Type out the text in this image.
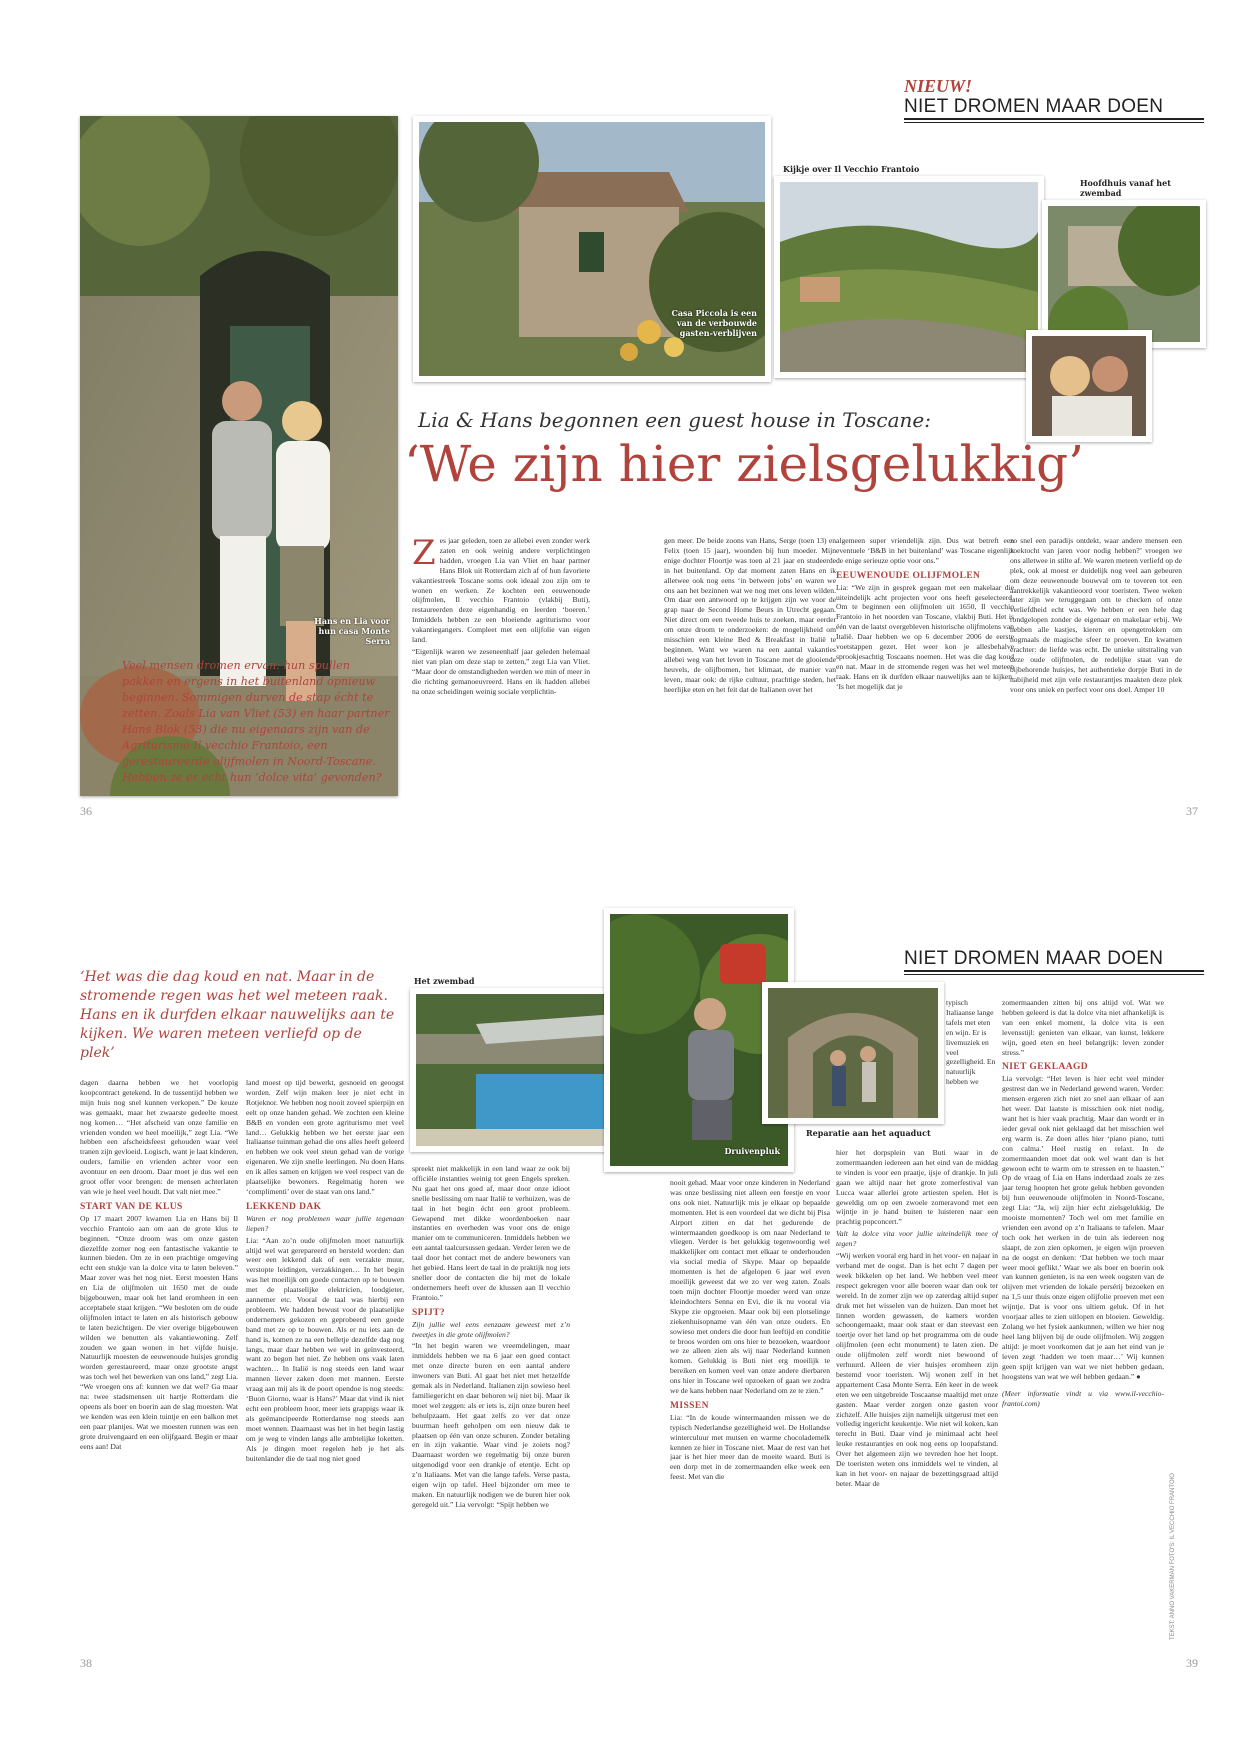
NIEUW!
NIET DROMEN MAAR DOEN
Hans en Lia voor hun casa Monte Serra
Veel mensen dromen ervan: hun spullen pakken en ergens in het buitenland opnieuw beginnen. Sommigen durven de stap écht te zetten. Zoals Lia van Vliet (53) en haar partner Hans Blok (53) die nu eigenaars zijn van de Agriturismo Il vecchio Frantoio, een gerestaureerde olijfmolen in Noord-Toscane. Hebben ze er echt hun ‘dolce vita’ gevonden?
36
Casa Piccola is een van de verbouwde gasten-verblijven
Kijkje over Il Vecchio Frantoio
Hoofdhuis vanaf het zwembad
Lia & Hans begonnen een guest house in Toscane:
‘We zijn hier zielsgelukkig’
Z es jaar geleden, toen ze allebei even zonder werk zaten en ook weinig andere verplichtingen hadden, vroegen Lia van Vliet en haar partner Hans Blok uit Rotterdam zich af of hun favoriete vakantiestreek Toscane soms ook ideaal zou zijn om te wonen en werken. Ze kochten een eeuwenoude olijfmolen, Il vecchio Frantoio (vlakbij Buti), restaureerden deze eigenhandig en leerden ‘boeren.’ Inmiddels hebben ze een bloeiende agriturismo voor vakantiegangers. Compleet met een olijfolie van eigen land.

“Eigenlijk waren we zeseneenhalf jaar geleden helemaal niet van plan om deze stap te zetten,” zegt Lia van Vliet. “Maar door de omstandigheden werden we min of meer in die richting gemanoeuvreerd. Hans en ik hadden allebei na onze scheidingen weinig sociale verplichtin-

gen meer. De beide zoons van Hans, Serge (toen 13) en Felix (toen 15 jaar), woonden bij hun moeder. Mijn enige dochter Floortje was toen al 21 jaar en studeerde in het buitenland. Op dat moment zaten Hans en ik alletwee ook nog eens ‘in between jobs’ en waren we ons aan het bezinnen wat we nog met ons leven wilden. Om daar een antwoord op te krijgen zijn we voor de grap naar de Second Home Beurs in Utrecht gegaan. Niet direct om een tweede huis te zoeken, maar eerder om onze droom te onderzoeken: de mogelijkheid om misschien een kleine Bed & Breakfast in Italië te beginnen. Want we waren na een aantal vakanties allebei weg van het leven in Toscane met de glooiende heuvels, de olijfbomen, het klimaat, de manier van leven, maar ook: de rijke cultuur, prachtige steden, het heerlijke eten en het feit dat de Italianen over het

algemeen super vriendelijk zijn. Dus wat betreft een eventuele ‘B&B in het buitenland’ was Toscane eigenlijk de enige serieuze optie voor ons.”

EEUWENOUDE OLIJFMOLEN

Lia: “We zijn in gesprek gegaan met een makelaar die uiteindelijk acht projecten voor ons heeft geselecteerd. Om te beginnen een olijfmolen uit 1650, Il vecchio Frantoio in het noorden van Toscane, vlakbij Buti. Het is één van de laatst overgebleven historische olijfmolens van Italië. Daar hebben we op 6 december 2006 de eerste voetstappen gezet. Het weer kon je allesbehalve sprookjesachtig Toscaans noemen. Het was die dag koud en nat. Maar in de stromende regen was het wel meteen raak. Hans en ik durfden elkaar nauwelijks aan te kijken. ‘Is het mogelijk dat je

zo snel een paradijs ontdekt, waar andere mensen een zoektocht van jaren voor nodig hebben?’ vroegen we ons alletwee in stilte af. We waren meteen verliefd op de plek, ook al moest er duidelijk nog veel aan gebeuren om deze eeuwenoude bouwval om te toveren tot een aantrekkelijk vakantieoord voor toeristen. Twee weken later zijn we teruggegaan om te checken of onze verliefdheid echt was. We hebben er een hele dag rondgelopen zonder de eigenaar en makelaar erbij. We hebben alle kastjes, kieren en opengetrokken om nogmaals de magische sfeer te proeven. En kwamen erachter: de liefde was echt. De unieke uitstraling van deze oude olijfmolen, de redelijke staat van de bijbehorende huisjes, het authentieke dorpje Buti in de nabijheid met zijn vele restaurantjes maakten deze plek voor ons uniek en perfect voor ons doel. Amper 10

37
NIET DROMEN MAAR DOEN
‘Het was die dag koud en nat. Maar in de stromende regen was het wel meteen raak. Hans en ik durfden elkaar nauwelijks aan te kijken. We waren meteen verliefd op de plek’
Het zwembad
Druivenpluk
Reparatie aan het aquaduct

dagen daarna hebben we het voorlopig koopcontract getekend. In de tussentijd hebben we mijn huis nog snel kunnen verkopen.” De keuze was gemaakt, maar het zwaarste gedeelte moest nog komen… “Het afscheid van onze familie en vrienden vonden we heel moeilijk,” zegt Lia. “We hebben een afscheidsfeest gehouden waar veel tranen zijn gevloeid. Logisch, want je laat kinderen, ouders, familie en vrienden achter voor een avontuur en een droom. Daar moet je dus wel een groot offer voor brengen: de mensen achterlaten van wie je heel veel houdt. Dat valt niet mee.”

START VAN DE KLUS

Op 17 maart 2007 kwamen Lia en Hans bij Il vecchio Frantoio aan om aan de grote klus te beginnen. “Onze droom was om onze gasten diezelfde zomer nog een fantastische vakantie te kunnen bieden. Om ze in een prachtige omgeving echt een stukje van la dolce vita te laten beleven.” Maar zover was het nog niet. Eerst moesten Hans en Lia de olijfmolen uit 1650 met de oude bijgebouwen, maar ook het land eromheen in een acceptabele staat krijgen. “We besloten om de oude olijfmolen intact te laten en als historisch gebouw te laten bezichtigen. De vier overige bijgebouwen wilden we benutten als vakantiewoning. Zelf zouden we gaan wonen in het vijfde huisje. Natuurlijk moesten de eeuwenoude huisjes grondig worden gerestaureerd, maar onze grootste angst was toch wel het bewerken van ons land,” zegt Lia. “We vroegen ons af: kunnen we dat wel? Ga maar na: twee stadsmensen uit hartje Rotterdam die opeens als boer en boerin aan de slag moesten. Wat we kenden was een klein tuintje en een balkon met een paar plantjes. Wat we moesten runnen was een grote druivengaard en een olijfgaard. Begin er maar eens aan! Dat

land moest op tijd bewerkt, gesnoeid en geoogst worden. Zelf wijn maken leer je niet echt in Rotjeknor. We hebben nog nooit zoveel spierpijn en eelt op onze handen gehad. We zochten een kleine B&B en vonden een grote agriturismo met veel land… Gelukkig hebben we het eerste jaar een Italiaanse tuinman gehad die ons alles heeft geleerd en hebben we ook veel steun gehad van de vorige eigenaren. We zijn snelle leerlingen. Nu doen Hans en ik alles samen en krijgen we veel respect van de plaatselijke bewoners. Regelmatig horen we ‘complimenti’ over de staat van ons land.”

LEKKEND DAK

Waren er nog problemen waar jullie tegenaan liepen?

Lia: “Aan zo’n oude olijfmolen moet natuurlijk altijd wel wat gerepareerd en hersteld worden: dan weer een lekkend dak of een verzakte muur, verstopte leidingen, verzakkingen… In het begin was het moeilijk om goede contacten op te bouwen met de plaatselijke elektricien, loodgieter, aannemer etc. Vooral de taal was hierbij een probleem. We hadden bewust voor de plaatselijke ondernemers gekozen en geprobeerd een goede band met ze op te bouwen. Als er nu iets aan de hand is, komen ze na een belletje dezelfde dag nog langs, maar daar hebben we wel in geïnvesteerd, want zo begon het niet. Ze hebben ons vaak laten wachten… In Italië is nog steeds een land waar mannen liever zaken doen met mannen. Eerste vraag aan mij als ik de poort opendoe is nog steeds: ‘Buon Giorno, waar is Hans?’ Maar dat vind ik niet echt een probleem hoor, meer iets grappigs waar ik als geëmancipeerde Rotterdamse nog steeds aan moet wennen. Daarnaast was het in het begin lastig om je weg te vinden langs alle ambtelijke loketten. Als je dingen moet regelen heb je het als buitenlander die de taal nog niet goed

spreekt niet makkelijk in een land waar ze ook bij officiële instanties weinig tot geen Engels spreken. Nu gaat het ons goed af, maar door onze idioot snelle beslissing om naar Italië te verhuizen, was de taal in het begin écht een groot probleem. Gewapend met dikke woordenboeken naar instanties en overheden was voor ons de enige manier om te communiceren. Inmiddels hebben we een aantal taalcursussen gedaan. Verder leren we de taal door het contact met de andere bewoners van het gebied. Hans leert de taal in de praktijk nog iets sneller door de contacten die hij met de lokale ondernemers heeft over de klussen aan Il vecchio Frantoio.”

SPIJT?

Zijn jullie wel eens eenzaam geweest met z’n tweetjes in die grote olijfmolen?

“In het begin waren we vreemdelingen, maar inmiddels hebben we na 6 jaar een goed contact met onze directe buren en een aantal andere inwoners van Buti. Al gaat het niet met hetzelfde gemak als in Nederland. Italianen zijn sowieso heel familiegericht en daar behoren wij niet bij. Maar ik moet wel zeggen: als er iets is, zijn onze buren heel behulpzaam. Het gaat zelfs zo ver dat onze buurman heeft geholpen om een nieuw dak te plaatsen op één van onze schuren. Zonder betaling en in zijn vakantie. Waar vind je zoiets nog? Daarnaast worden we regelmatig bij onze buren uitgenodigd voor een drankje of etentje. Echt op z’n Italiaans. Met van die lange tafels. Verse pasta, eigen wijn op tafel. Heel bijzonder om mee te maken. En natuurlijk nodigen we de buren hier ook geregeld uit.” Lia vervolgt: “Spijt hebben we

nooit gehad. Maar voor onze kinderen in Nederland was onze beslissing niet alleen een feestje en voor ons ook niet. Natuurlijk mis je elkaar op bepaalde momenten. Het is een voordeel dat we dicht bij Pisa Airport zitten en dat het gedurende de wintermaanden goedkoop is om naar Nederland te vliegen. Verder is het gelukkig tegenwoordig wel makkelijker om contact met elkaar te onderhouden via social media of Skype. Maar op bepaalde momenten is het de afgelopen 6 jaar wel even moeilijk geweest dat we zo ver weg zaten. Zoals toen mijn dochter Floortje moeder werd van onze kleindochters Senna en Evi, die ik nu vooral via Skype zie opgroeien. Maar ook bij een plotselinge ziekenhuisopname van één van onze ouders. En sowieso met onders die door hun leeftijd en conditie te broos worden om ons hier te bezoeken, waardoor we ze alleen zien als wij naar Nederland kunnen komen. Gelukkig is Buti niet erg moeilijk te bereiken en komen veel van onze andere dierbaren ons hier in Toscane wel opzoeken of gaan we zodra we de kans hebben naar Nederland om ze te zien.”

MISSEN

Lia: “In de koude wintermaanden missen we de typisch Nederlandse gezelligheid wel. De Hollandse winterculuur met mutsen en warme chocolademelk kennen ze hier in Toscane niet. Maar de rest van het jaar is het hier meer dan de moeite waard. Buti is een dorp met in de zomermaanden elke week een feest. Met van die

typisch Italiaanse lange tafels met eten en wijn. Er is livemuziek en veel gezelligheid. En natuurlijk hebben we

hier het dorpsplein van Buti waar in de zomermaanden iedereen aan het eind van de middag te vinden is voor een praatje, ijsje of drankje. In juli gaan we altijd naar het grote zomerfestival van Lucca waar allerlei grote artiesten spelen. Het is geweldig om op een zwoele zomeravond met een wijntje in je hand buiten te luisteren naar een prachtig popconcert.”

Valt la dolce vita voor jullie uiteindelijk mee of tegen?

“Wij werken vooral erg hard in het voor- en najaar in verband met de oogst. Dan is het echt 7 dagen per week bikkelen op het land. We hebben veel meer respect gekregen voor alle boeren waar dan ook ter wereld. In de zomer zijn we op zaterdag altijd super druk met het wisselen van de huizen. Dan moet het linnen worden gewassen, de kamers worden schoongemaakt, maar ook staat er dan steevast een toertje over het land op het programma om de oude olijfmolen (een echt monument) te laten zien. De oude olijfmolen zelf wordt niet bewoond of verhuurd. Alleen de vier huisjes eromheen zijn bestemd voor toeristen. Wij wonen zelf in het appartement Casa Monte Serra. Eén keer in de week eten we een uitgebreide Toscaanse maaltijd met onze gasten. Maar verder zorgen onze gasten voor zichzelf. Alle huisjes zijn namelijk uitgerust met een volledig ingericht keukentje. Wie niet wil koken, kan terecht in Buti. Daar vind je minimaal acht heel leuke restaurantjes en ook nog eens op loopafstand. Over het algemeen zijn we tevreden hoe het loopt. De toeristen weten ons inmiddels wel te vinden, al kan in het voor- en najaar de bezettingsgraad altijd beter. Maar de

zomermaanden zitten bij ons altijd vol. Wat we hebben geleerd is dat la dolce vita niet afhankelijk is van een enkel moment, la dolce vita is een levensstijl: genieten van elkaar, van kunst, lekkere wijn, goed eten en heel belangrijk: leven zonder stress.”

NIET GEKLAAGD

Lia vervolgt: “Het leven is hier echt veel minder gestrest dan we in Nederland gewend waren. Verder: mensen ergeren zich niet zo snel aan elkaar of aan het weer. Dat laatste is misschien ook niet nodig, want het is hier vaak prachtig. Maar dan wordt er in ieder geval ook niet geklaagd dat het misschien wel erg warm is. Ze doen alles hier ‘piano piano, tutti con calma.’ Heel rustig en relaxt. In de zomermaanden moet dat ook wel want dan is het gewoon echt te warm om te stressen en te haasten.” Op de vraag of Lia en Hans inderdaad zoals ze zes jaar terug hoopten het grote geluk hebben gevonden bij hun eeuwenoude olijfmolen in Noord-Toscane, zegt Lia: “Ja, wij zijn hier echt zielsgelukkig. De mooiste momenten? Toch wel om met familie en vrienden een avond op z’n Italiaans te tafelen. Maar toch ook het werken in de tuin als iedereen nog slaapt, de zon zien opkomen, je eigen wijn proeven na de oogst en denken: ‘Dat hebben we toch maar weer mooi geflikt.’ Waar we als boer en boerin ook van kunnen genieten, is na een week oogsten van de olijven met vrienden de lokale persérij bezoeken en na 1,5 uur thuis onze eigen olijfolie proeven met een wijntje. Dat is voor ons ultiem geluk. Of in het voorjaar alles te zien uitlopen en bloeien. Geweldig. Zolang we het fysiek aankunnen, willen we hier nog heel lang blijven bij de oude olijfmolen. Wij zeggen altijd: je moet voorkomen dat je aan het eind van je leven zegt ‘hadden we toen maar…’ Wij kunnen geen spijt krijgen van wat we niet hebben gedaan, hoogstens van wat we wél hebben gedaan.” ●

(Meer informatie vindt u via www.il-vecchio-frantoi.com)

TEKST: ANNO VAKERMAN FOTO'S: IL VECCHIO FRANTOIO
38	39
